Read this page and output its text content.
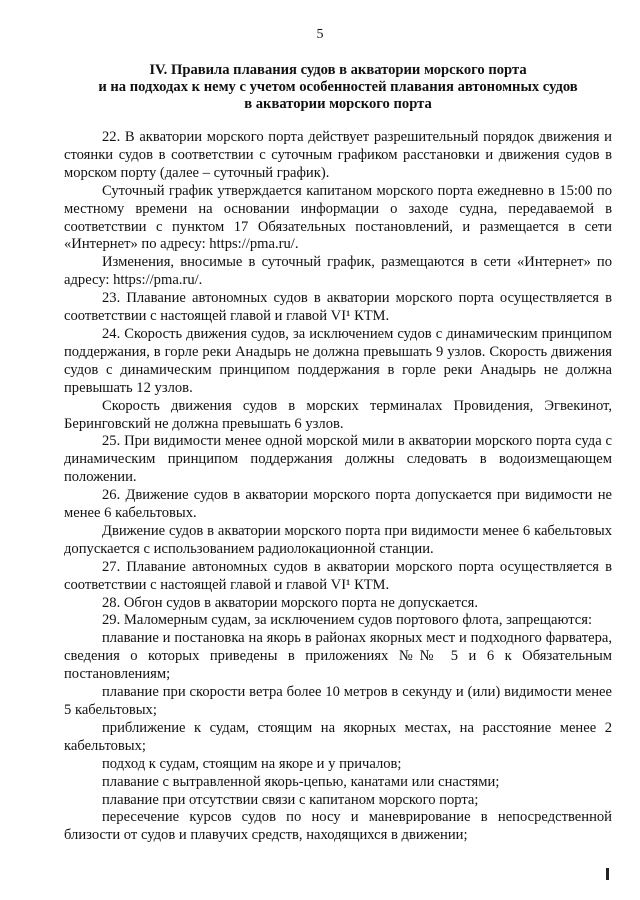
5
IV. Правила плавания судов в акватории морского порта
и на подходах к нему с учетом особенностей плавания автономных судов
в акватории морского порта

22. В акватории морского порта действует разрешительный порядок движения и стоянки судов в соответствии с суточным графиком расстановки и движения судов в морском порту (далее – суточный график).

Суточный график утверждается капитаном морского порта ежедневно в 15:00 по местному времени на основании информации о заходе судна, передаваемой в соответствии с пунктом 17 Обязательных постановлений, и размещается в сети «Интернет» по адресу: https://pma.ru/.

Изменения, вносимые в суточный график, размещаются в сети «Интернет» по адресу: https://pma.ru/.

23. Плавание автономных судов в акватории морского порта осуществляется в соответствии с настоящей главой и главой VI¹ КТМ.

24. Скорость движения судов, за исключением судов с динамическим принципом поддержания, в горле реки Анадырь не должна превышать 9 узлов. Скорость движения судов с динамическим принципом поддержания в горле реки Анадырь не должна превышать 12 узлов.

Скорость движения судов в морских терминалах Провидения, Эгвекинот, Беринговский не должна превышать 6 узлов.

25. При видимости менее одной морской мили в акватории морского порта суда с динамическим принципом поддержания должны следовать в водоизмещающем положении.

26. Движение судов в акватории морского порта допускается при видимости не менее 6 кабельтовых.

Движение судов в акватории морского порта при видимости менее 6 кабельтовых допускается с использованием радиолокационной станции.

27. Плавание автономных судов в акватории морского порта осуществляется в соответствии с настоящей главой и главой VI¹ КТМ.

28. Обгон судов в акватории морского порта не допускается.

29. Маломерным судам, за исключением судов портового флота, запрещаются:

плавание и постановка на якорь в районах якорных мест и подходного фарватера, сведения о которых приведены в приложениях №№ 5 и 6 к Обязательным постановлениям;

плавание при скорости ветра более 10 метров в секунду и (или) видимости менее 5 кабельтовых;

приближение к судам, стоящим на якорных местах, на расстояние менее 2 кабельтовых;

подход к судам, стоящим на якоре и у причалов;

плавание с вытравленной якорь-цепью, канатами или снастями;

плавание при отсутствии связи с капитаном морского порта;

пересечение курсов судов по носу и маневрирование в непосредственной близости от судов и плавучих средств, находящихся в движении;
